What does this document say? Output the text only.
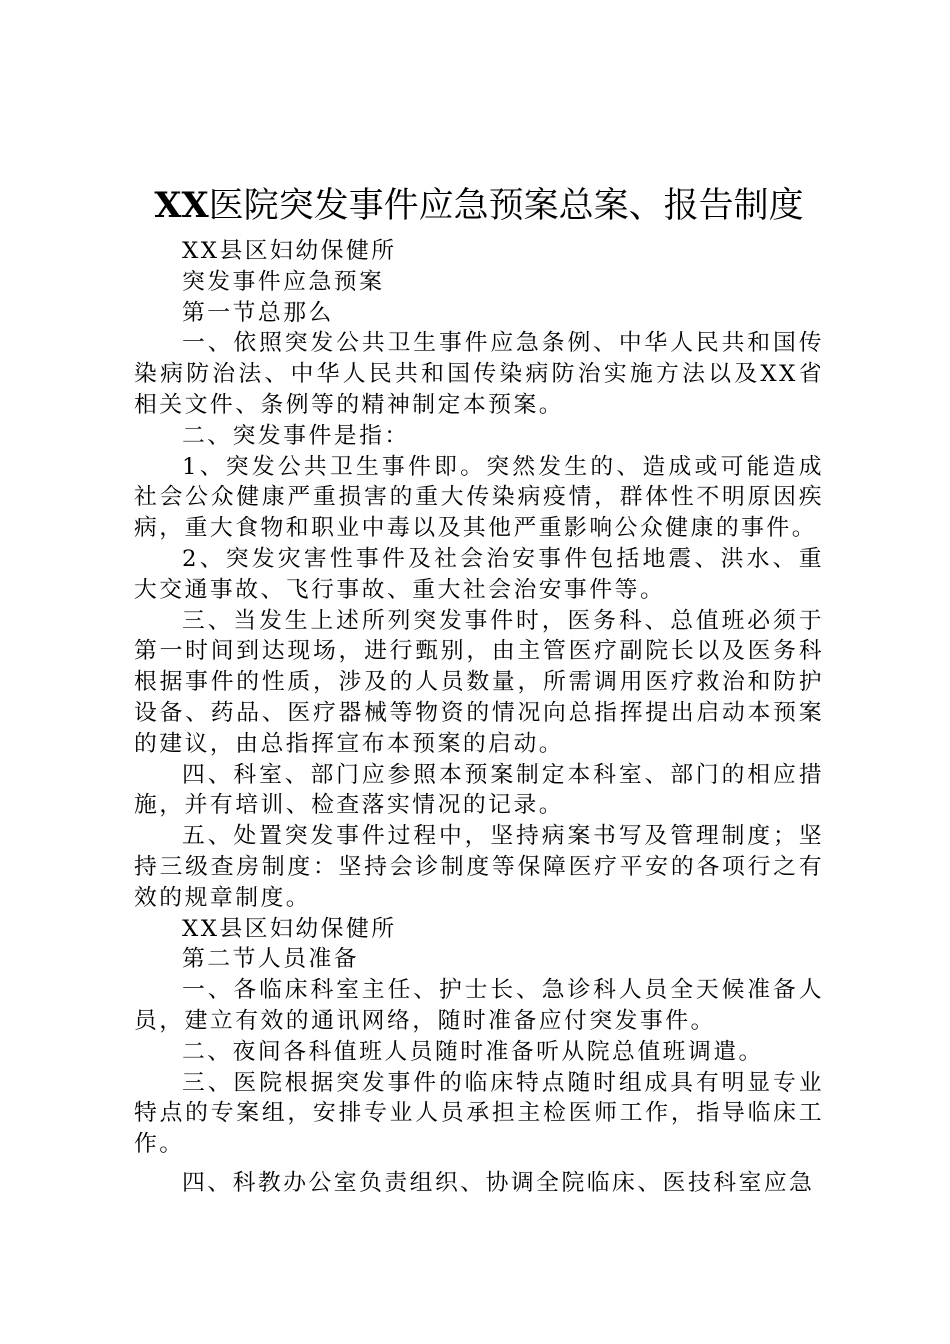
XX医院突发事件应急预案总案、报告制度

XX县区妇幼保健所

突发事件应急预案

第一节总那么

一、依照突发公共卫生事件应急条例、中华人民共和国传染病防治法、中华人民共和国传染病防治实施方法以及XX省相关文件、条例等的精神制定本预案。

二、突发事件是指：

1、突发公共卫生事件即。突然发生的、造成或可能造成社会公众健康严重损害的重大传染病疫情，群体性不明原因疾病，重大食物和职业中毒以及其他严重影响公众健康的事件。

2、突发灾害性事件及社会治安事件包括地震、洪水、重大交通事故、飞行事故、重大社会治安事件等。

三、当发生上述所列突发事件时，医务科、总值班必须于第一时间到达现场，进行甄别，由主管医疗副院长以及医务科根据事件的性质，涉及的人员数量，所需调用医疗救治和防护设备、药品、医疗器械等物资的情况向总指挥提出启动本预案的建议，由总指挥宣布本预案的启动。

四、科室、部门应参照本预案制定本科室、部门的相应措施，并有培训、检查落实情况的记录。

五、处置突发事件过程中，坚持病案书写及管理制度；坚持三级查房制度：坚持会诊制度等保障医疗平安的各项行之有效的规章制度。

XX县区妇幼保健所

第二节人员准备

一、各临床科室主任、护士长、急诊科人员全天候准备人员，建立有效的通讯网络，随时准备应付突发事件。

二、夜间各科值班人员随时准备听从院总值班调遣。

三、医院根据突发事件的临床特点随时组成具有明显专业特点的专案组，安排专业人员承担主检医师工作，指导临床工作。

四、科教办公室负责组织、协调全院临床、医技科室应急
